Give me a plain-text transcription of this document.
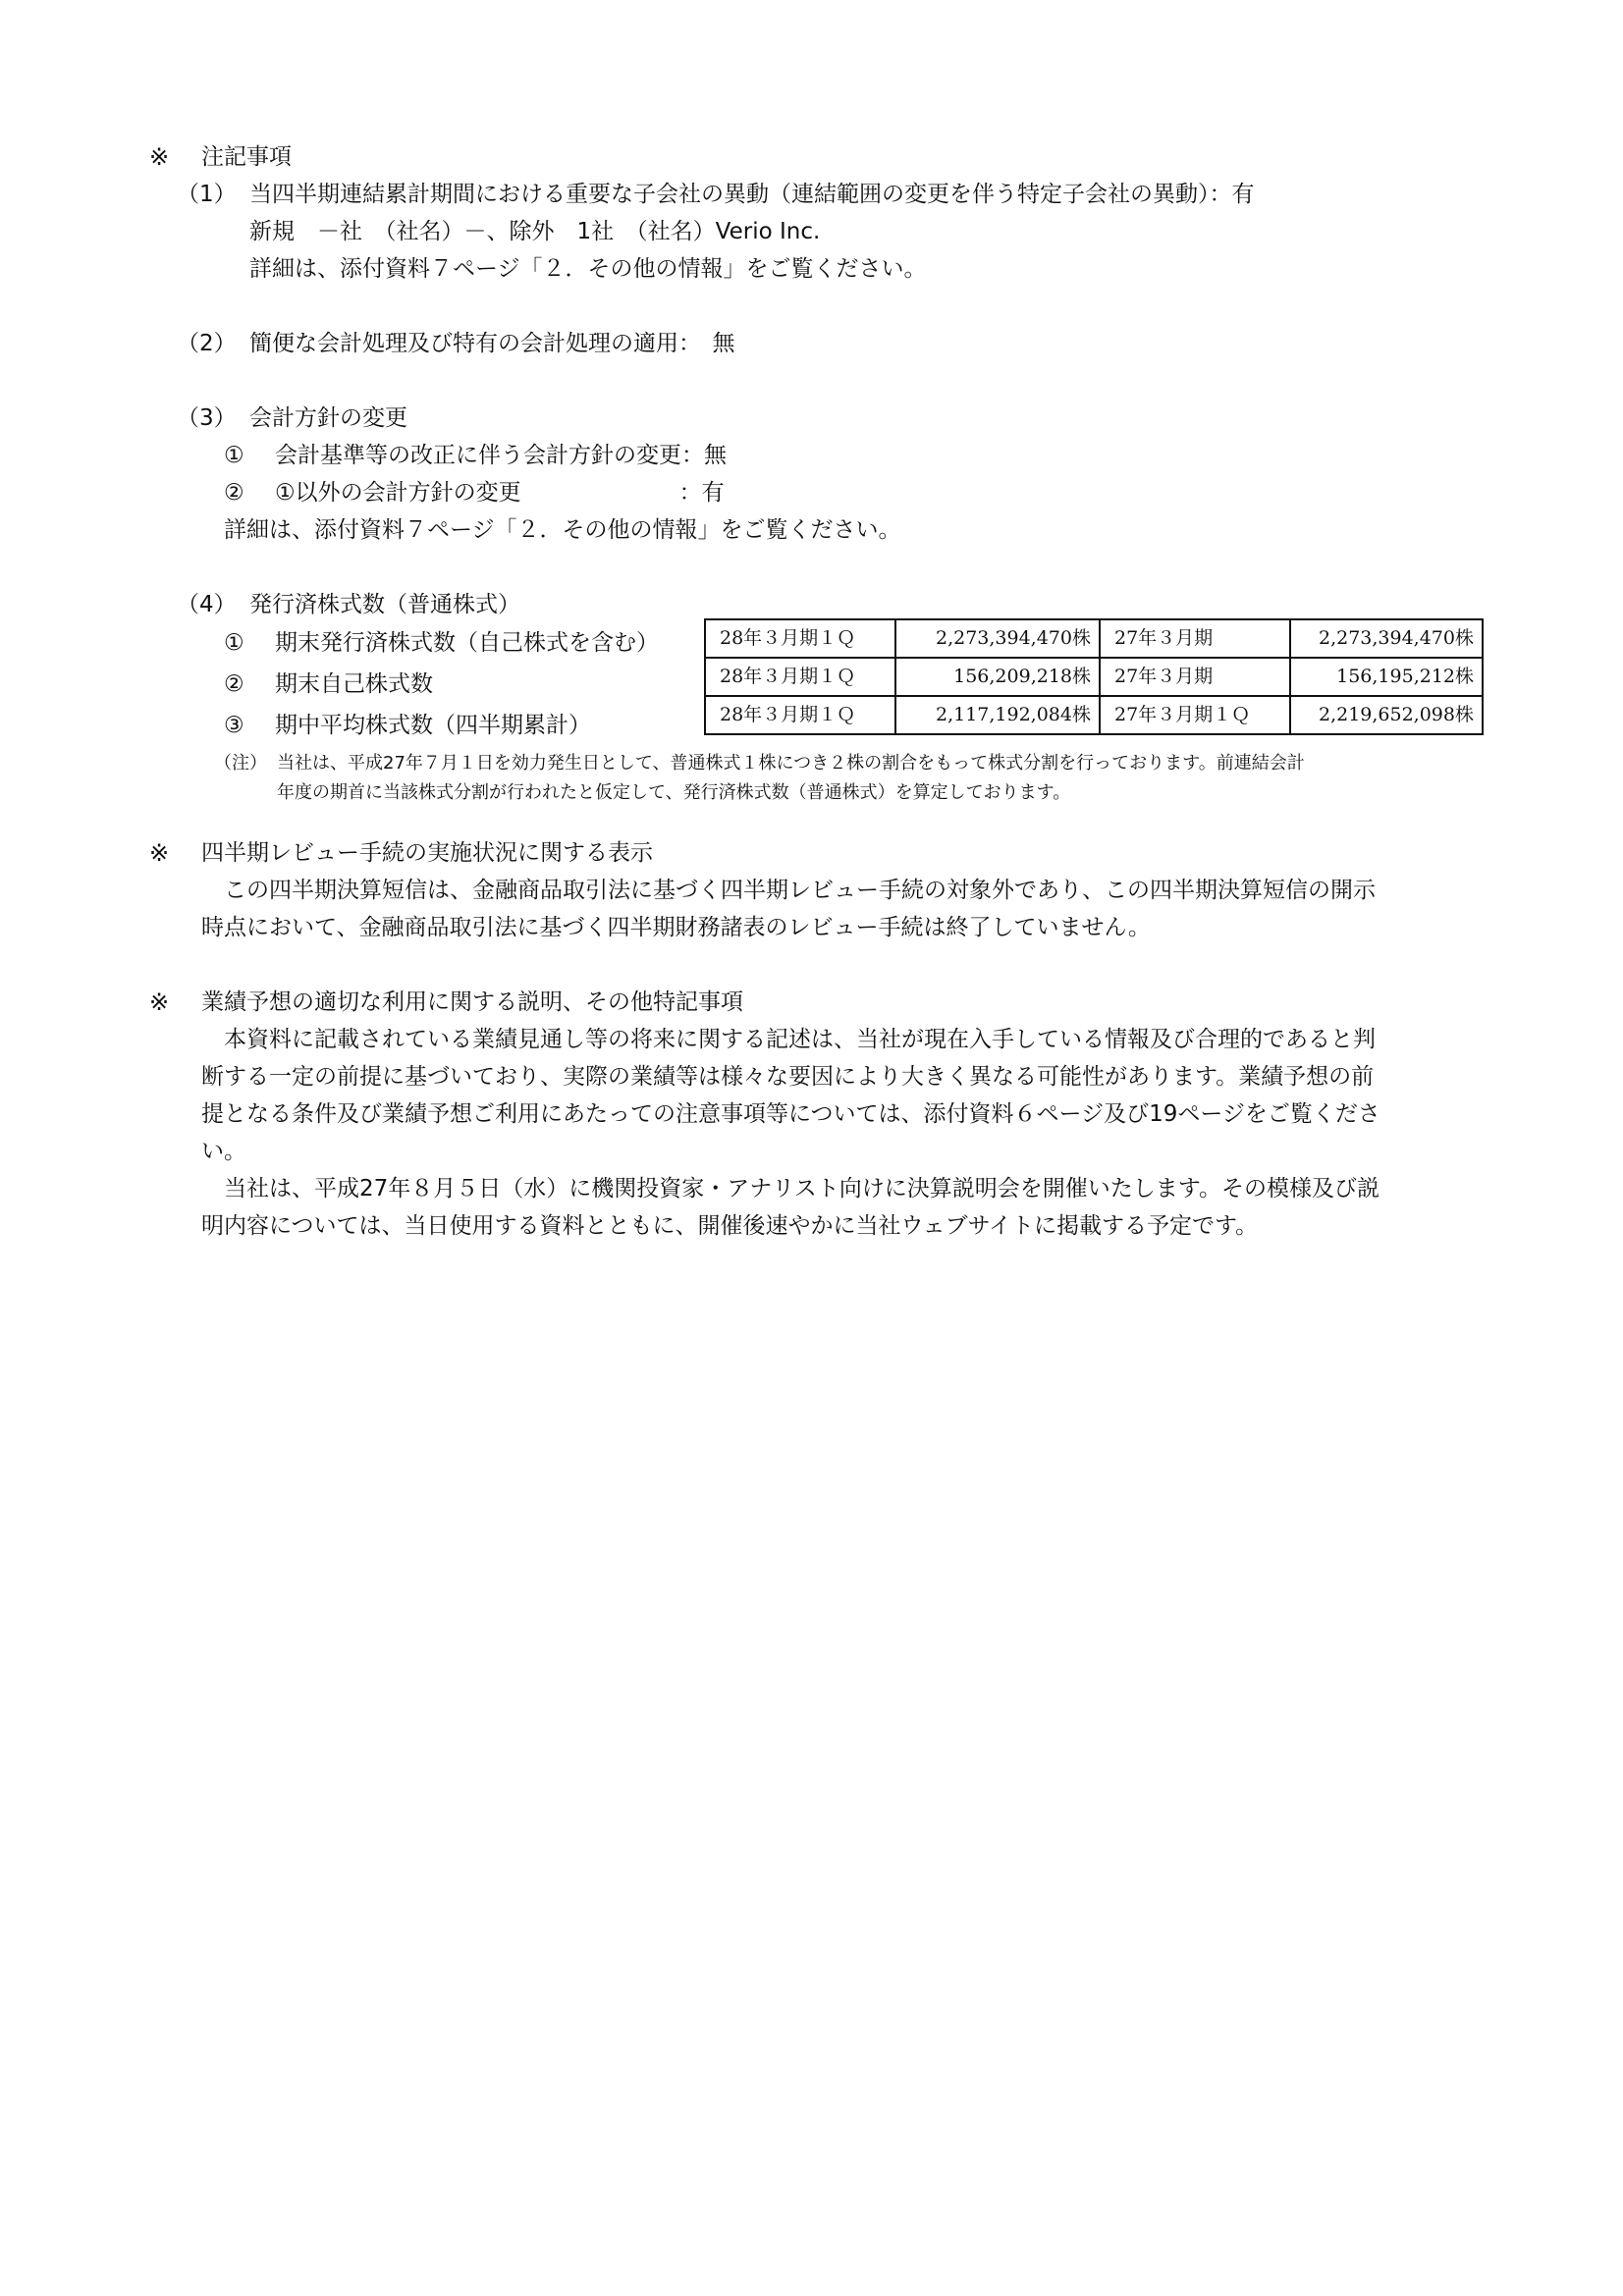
※ 注記事項
（1） 当四半期連結累計期間における重要な子会社の異動（連結範囲の変更を伴う特定子会社の異動）：有
新規　－社　（社名）－、除外　1社　（社名）Verio Inc.
詳細は、添付資料７ページ「２．その他の情報」をご覧ください。
（2） 簡便な会計処理及び特有の会計処理の適用：　無
（3） 会計方針の変更
① 会計基準等の改正に伴う会計方針の変更：無
② ①以外の会計方針の変更　　　　　　　：有
詳細は、添付資料７ページ「２．その他の情報」をご覧ください。
（4） 発行済株式数（普通株式）
① 期末発行済株式数（自己株式を含む）
② 期末自己株式数
③ 期中平均株式数（四半期累計）
28年３月期１Ｑ	2,273,394,470株	27年３月期	2,273,394,470株
28年３月期１Ｑ	156,209,218株	27年３月期	156,195,212株
28年３月期１Ｑ	2,117,192,084株	27年３月期１Ｑ	2,219,652,098株
（注） 当社は、平成27年７月１日を効力発生日として、普通株式１株につき２株の割合をもって株式分割を行っております。前連結会計
年度の期首に当該株式分割が行われたと仮定して、発行済株式数（普通株式）を算定しております。
※ 四半期レビュー手続の実施状況に関する表示
この四半期決算短信は、金融商品取引法に基づく四半期レビュー手続の対象外であり、この四半期決算短信の開示
時点において、金融商品取引法に基づく四半期財務諸表のレビュー手続は終了していません。
※ 業績予想の適切な利用に関する説明、その他特記事項
本資料に記載されている業績見通し等の将来に関する記述は、当社が現在入手している情報及び合理的であると判
断する一定の前提に基づいており、実際の業績等は様々な要因により大きく異なる可能性があります。業績予想の前
提となる条件及び業績予想ご利用にあたっての注意事項等については、添付資料６ページ及び19ページをご覧くださ
い。
当社は、平成27年８月５日（水）に機関投資家・アナリスト向けに決算説明会を開催いたします。その模様及び説
明内容については、当日使用する資料とともに、開催後速やかに当社ウェブサイトに掲載する予定です。
